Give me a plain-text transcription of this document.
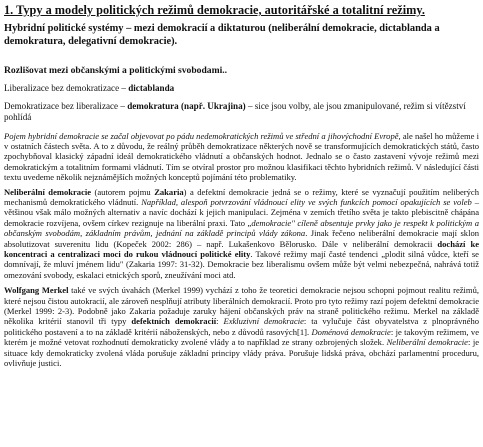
1. Typy a modely politických režimů demokracie, autoritářské a totalitní režimy.
Hybridní politické systémy – mezi demokracií a diktaturou (neliberální demokracie, dictablanda a demokratura, delegativní demokracie).
Rozlišovat mezi občanskými a politickými svobodami..
Liberalizace bez demokratizace – dictablanda
Demokratizace bez liberalizace – demokratura (např. Ukrajina) – sice jsou volby, ale jsou zmanipulované, režim si vítězství pohlídá
Pojem hybridní demokracie se začal objevovat po pádu nedemokratických režimů ve střední a jihovýchodní Evropě, ale našel ho můžeme i v ostatních částech světa. A to z důvodu, že reálný průběh demokratizace některých nově se transformujících demokratických států, často zpochybňoval klasický západní ideál demokratického vládnutí a občanských hodnot. Jednalo se o často zastavení vývoje režimů mezi demokratickým a totalitním formami vládnutí. Tím se otvíral prostor pro možnou klasifikaci těchto hybridních režimů. V následující části textu uvedeme několik nejznámějších možných konceptů pojímání této problematiky.
Neliberální demokracie (autorem pojmu Zakaria) a defektní demokracie jedná se o režimy, které se vyznačují použitím neliberých mechanismů demokratického vládnutí. Například, alespoň potvrzování vládnoucí elity ve svých funkcích pomocí opakujících se voleb – většinou však málo možných alternativ a navíc dochází k jejich manipulaci. Zejména v zemích třetího světa je takto plebiscitně chápána demokracie rozvíjena, ovšem církev rezignuje na liberální praxi. Tato „demokracie" cíleně absentuje prvky jako je respekt k politickým a občanským svobodám, základním právům, jednání na základě principů vlády zákona. Jinak řečeno neliberální demokracie mají sklon absolutizovat suverenitu lidu (Kopeček 2002: 286) – např. Lukašenkovo Bělorusko. Dále v neliberální demokracii dochází ke koncentraci a centralizaci moci do rukou vládnoucí politické elity. Takové režimy mají časté tendenci „plodit silná vůdce, kteří se domnívají, že mluví jménem lidu" (Zakaria 1997: 31-32). Demokracie bez liberalismu ovšem může být velmi nebezpečná, nahrává totiž omezování svobody, eskalaci etnických sporů, zneužívání moci atd.
Wolfgang Merkel také ve svých úvahách (Merkel 1999) vychází z toho že teoretici demokracie nejsou schopni pojmout realitu režimů, které nejsou čistou autokracií, ale zároveň nesplňují atributy liberálních demokracií. Proto pro tyto režimy razí pojem defektní demokracie (Merkel 1999: 2-3). Podobně jako Zakaria požaduje zaruky hájení občanských práv na straně politického režimu. Merkel na základě několika kritérií stanovil tři typy defektních demokracií: Exkluzivní demokracie: ta vylučuje část obyvatelstva z plnoprávného politického postavení a to na základě kritérií náboženských, nebo z důvodů rasových[1]. Doménová demokracie: je takovým režimem, ve kterém je možné vetovat rozhodnutí demokraticky zvolené vlády a to například ze strany ozbrojených složek. Neliberální demokracie: je situace kdy demokraticky zvolená vláda porušuje základní principy vlády práva. Porušuje lidská práva, obchází parlamentní proceduru, ovlivňuje justici.
